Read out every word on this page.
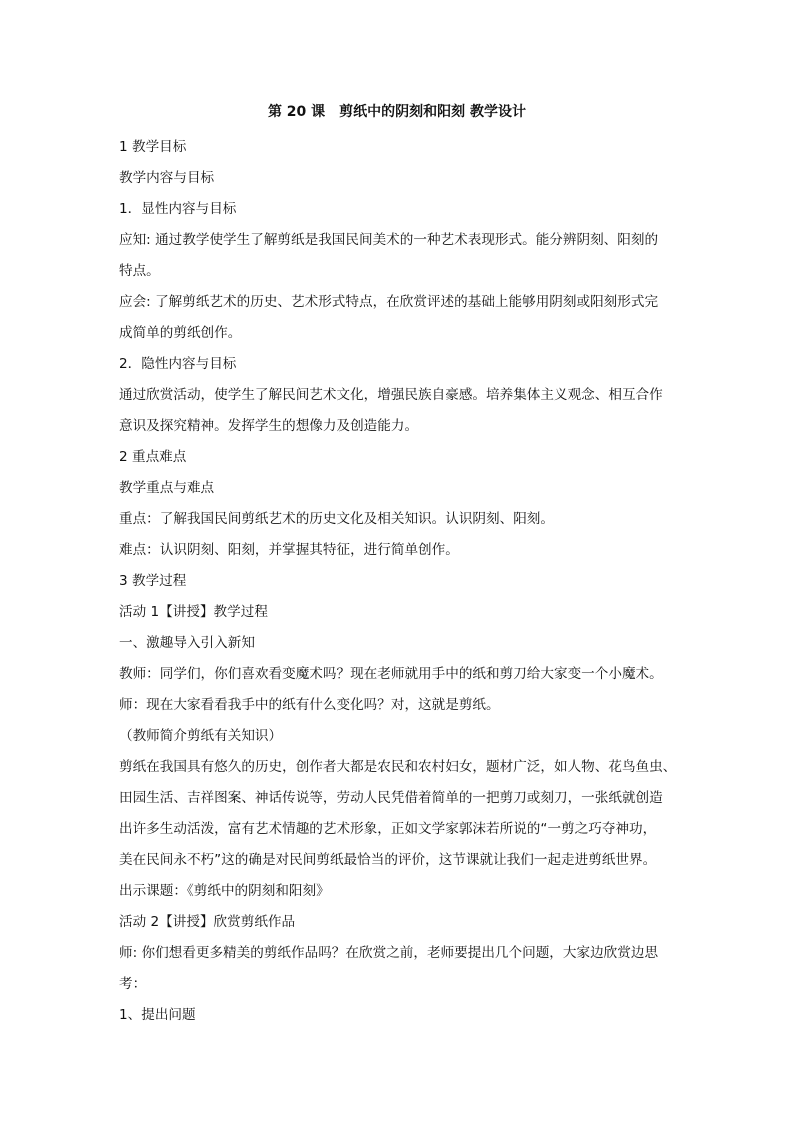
第 20 课　剪纸中的阴刻和阳刻 教学设计

1 教学目标

教学内容与目标

1．显性内容与目标

应知: 通过教学使学生了解剪纸是我国民间美术的一种艺术表现形式。能分辨阴刻、阳刻的

特点。

应会: 了解剪纸艺术的历史、艺术形式特点，在欣赏评述的基础上能够用阴刻或阳刻形式完

成简单的剪纸创作。

2．隐性内容与目标

通过欣赏活动，使学生了解民间艺术文化，增强民族自豪感。培养集体主义观念、相互合作

意识及探究精神。发挥学生的想像力及创造能力。

2 重点难点

教学重点与难点

重点：了解我国民间剪纸艺术的历史文化及相关知识。认识阴刻、阳刻。

难点：认识阴刻、阳刻，并掌握其特征，进行简单创作。

3 教学过程

活动 1【讲授】教学过程

一、激趣导入引入新知

教师：同学们，你们喜欢看变魔术吗？现在老师就用手中的纸和剪刀给大家变一个小魔术。

师：现在大家看看我手中的纸有什么变化吗？对，这就是剪纸。

（教师简介剪纸有关知识）

剪纸在我国具有悠久的历史，创作者大都是农民和农村妇女，题材广泛，如人物、花鸟鱼虫、

田园生活、吉祥图案、神话传说等，劳动人民凭借着简单的一把剪刀或刻刀，一张纸就创造

出许多生动活泼，富有艺术情趣的艺术形象，正如文学家郭沫若所说的“一剪之巧夺神功，

美在民间永不朽”这的确是对民间剪纸最恰当的评价，这节课就让我们一起走进剪纸世界。

出示课题：《剪纸中的阴刻和阳刻》

活动 2【讲授】欣赏剪纸作品

师: 你们想看更多精美的剪纸作品吗？在欣赏之前，老师要提出几个问题，大家边欣赏边思

考：

1、提出问题
